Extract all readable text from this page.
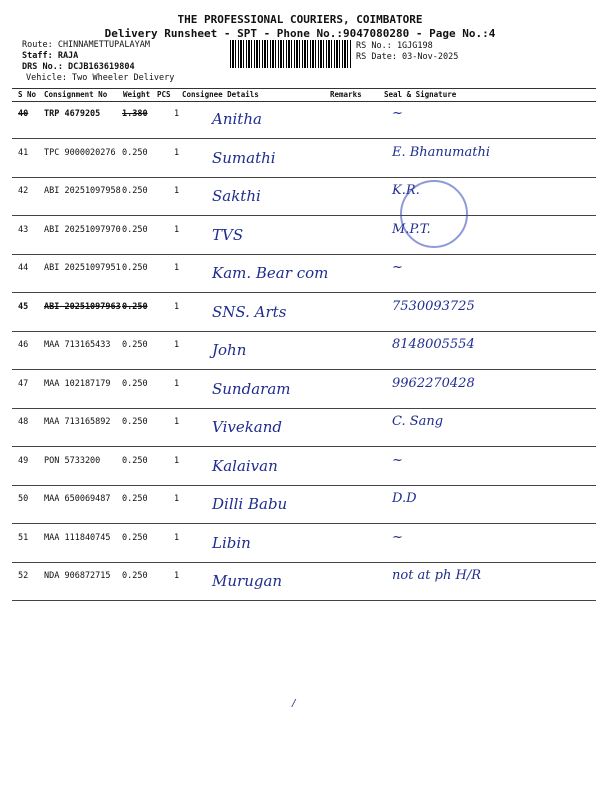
THE PROFESSIONAL COURIERS, COIMBATORE
Delivery Runsheet - SPT - Phone No.:9047080280 - Page No.:4
Route: CHINNAMETTUPALAYAM
Staff: RAJA
DRS No.: DCJB163619804
Vehicle: Two Wheeler Delivery
RS No.: 1GJG198
RS Date: 03-Nov-2025
S No Consignment No Weight PCS Consignee Details	Remarks	Seal & Signature
40 TRP 4679205	1.380	1 Anitha	~
41 TPC 9000020276 0.250	1 Sumathi	E. Bhanumathi
42 ABI 20251097958 0.250	1 Sakthi	K.R.
43 ABI 20251097970 0.250	1 TVS	M.P.T.
44 ABI 20251097951 0.250	1 Kam. Bear com	~
45 ABI 20251097963 0.250	1 SNS. Arts	7530093725
46 MAA 713165433 0.250	1 John	8148005554
47 MAA 102187179 0.250	1 Sundaram	9962270428
48 MAA 713165892 0.250	1 Vivekand	C. Sang
49 PON 5733200	0.250	1 Kalaivan	~
50 MAA 650069487 0.250	1 Dilli Babu	D.D
51 MAA 111840745 0.250	1 Libin	~
52 NDA 906872715 0.250	1 Murugan	not at ph H/R
/
